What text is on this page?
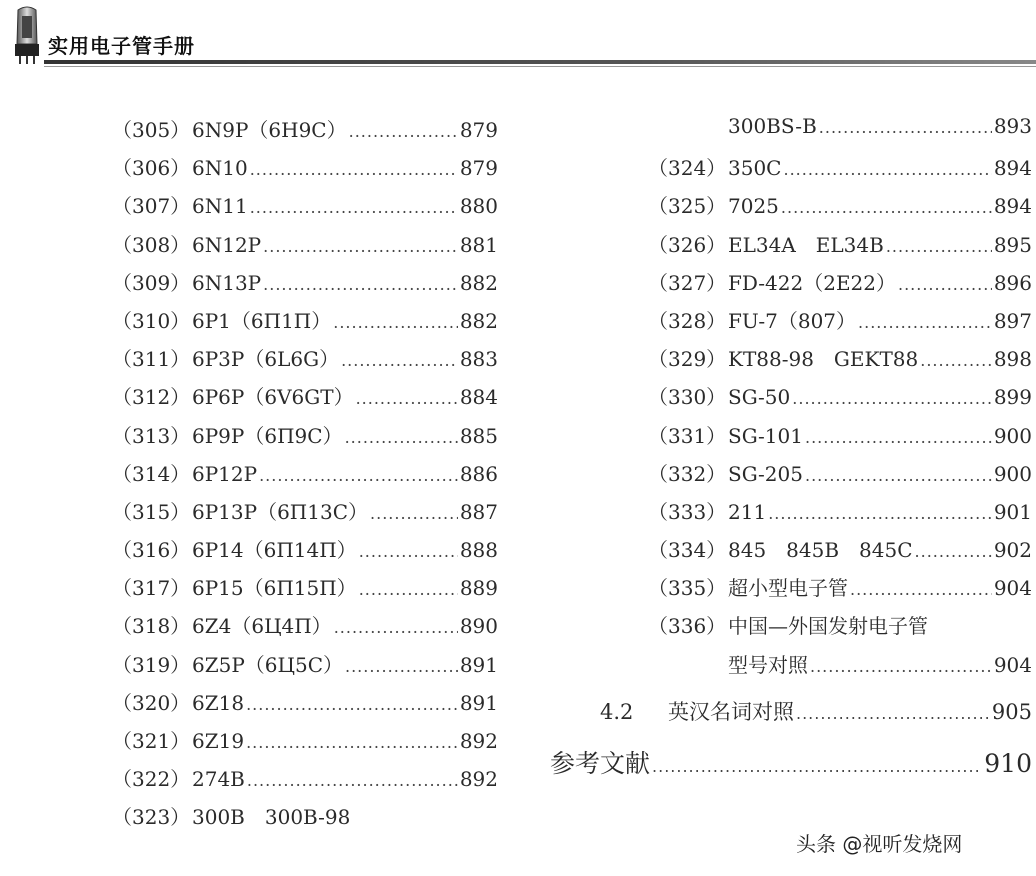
实用电子管手册
（305） 6N9P（6H9C） .....	879
（306） 6N10 .....	879
（307） 6N11 .....	880
（308） 6N12P .....	881
（309） 6N13P .....	882
（310） 6P1（6Π1Π） .....	882
（311） 6P3P（6L6G） .....	883
（312） 6P6P（6V6GT） .....	884
（313） 6P9P（6Π9C） .....	885
（314） 6P12P .....	886
（315） 6P13P（6Π13C） .....	887
（316） 6P14（6Π14Π） .....	888
（317） 6P15（6Π15Π） .....	889
（318） 6Z4（6Ц4Π） .....	890
（319） 6Z5P（6Ц5C） .....	891
（320） 6Z18 .....	891
（321） 6Z19 .....	892
（322） 274B .....	892
（323） 300B　300B-98
300BS-B .....	893
（324） 350C .....	894
（325） 7025 .....	894
（326） EL34A　EL34B .....	895
（327） FD-422（2E22） .....	896
（328） FU-7（807） .....	897
（329） KT88-98　GEKT88 .....	898
（330） SG-50 .....	899
（331） SG-101 .....	900
（332） SG-205 .....	900
（333） 211 .....	901
（334） 845　845B　845C .....	902
（335） 超小型电子管 .....	904
（336） 中国—外国发射电子管
型号对照 .....	904
4.2	英汉名词对照 .....	905
参考文献 .....	910
头条 @视听发烧网
